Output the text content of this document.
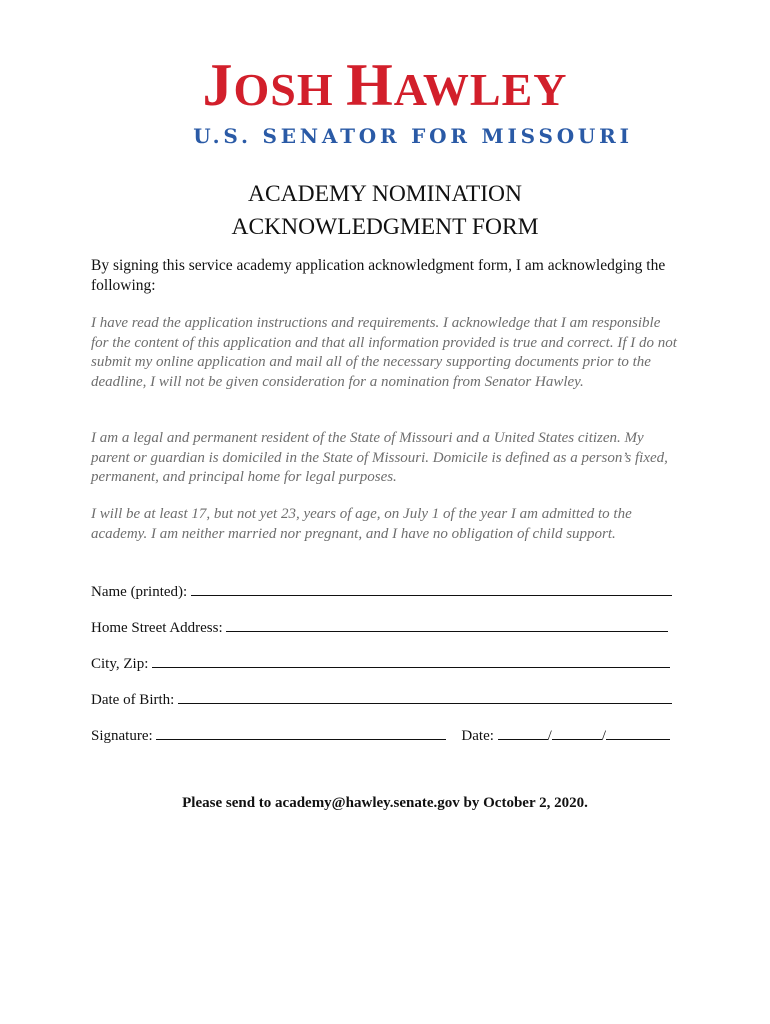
JOSH HAWLEY
U.S. SENATOR FOR MISSOURI
ACADEMY NOMINATION
ACKNOWLEDGMENT FORM

By signing this service academy application acknowledgment form, I am acknowledging the following:

I have read the application instructions and requirements. I acknowledge that I am responsible for the content of this application and that all information provided is true and correct. If I do not submit my online application and mail all of the necessary supporting documents prior to the deadline, I will not be given consideration for a nomination from Senator Hawley.

I am a legal and permanent resident of the State of Missouri and a United States citizen. My parent or guardian is domiciled in the State of Missouri. Domicile is defined as a person’s fixed, permanent, and principal home for legal purposes.

I will be at least 17, but not yet 23, years of age, on July 1 of the year I am admitted to the academy. I am neither married nor pregnant, and I have no obligation of child support.

Name (printed):
Home Street Address:
City, Zip:
Date of Birth:
Signature:	Date:	/	/

Please send to academy@hawley.senate.gov by October 2, 2020.
